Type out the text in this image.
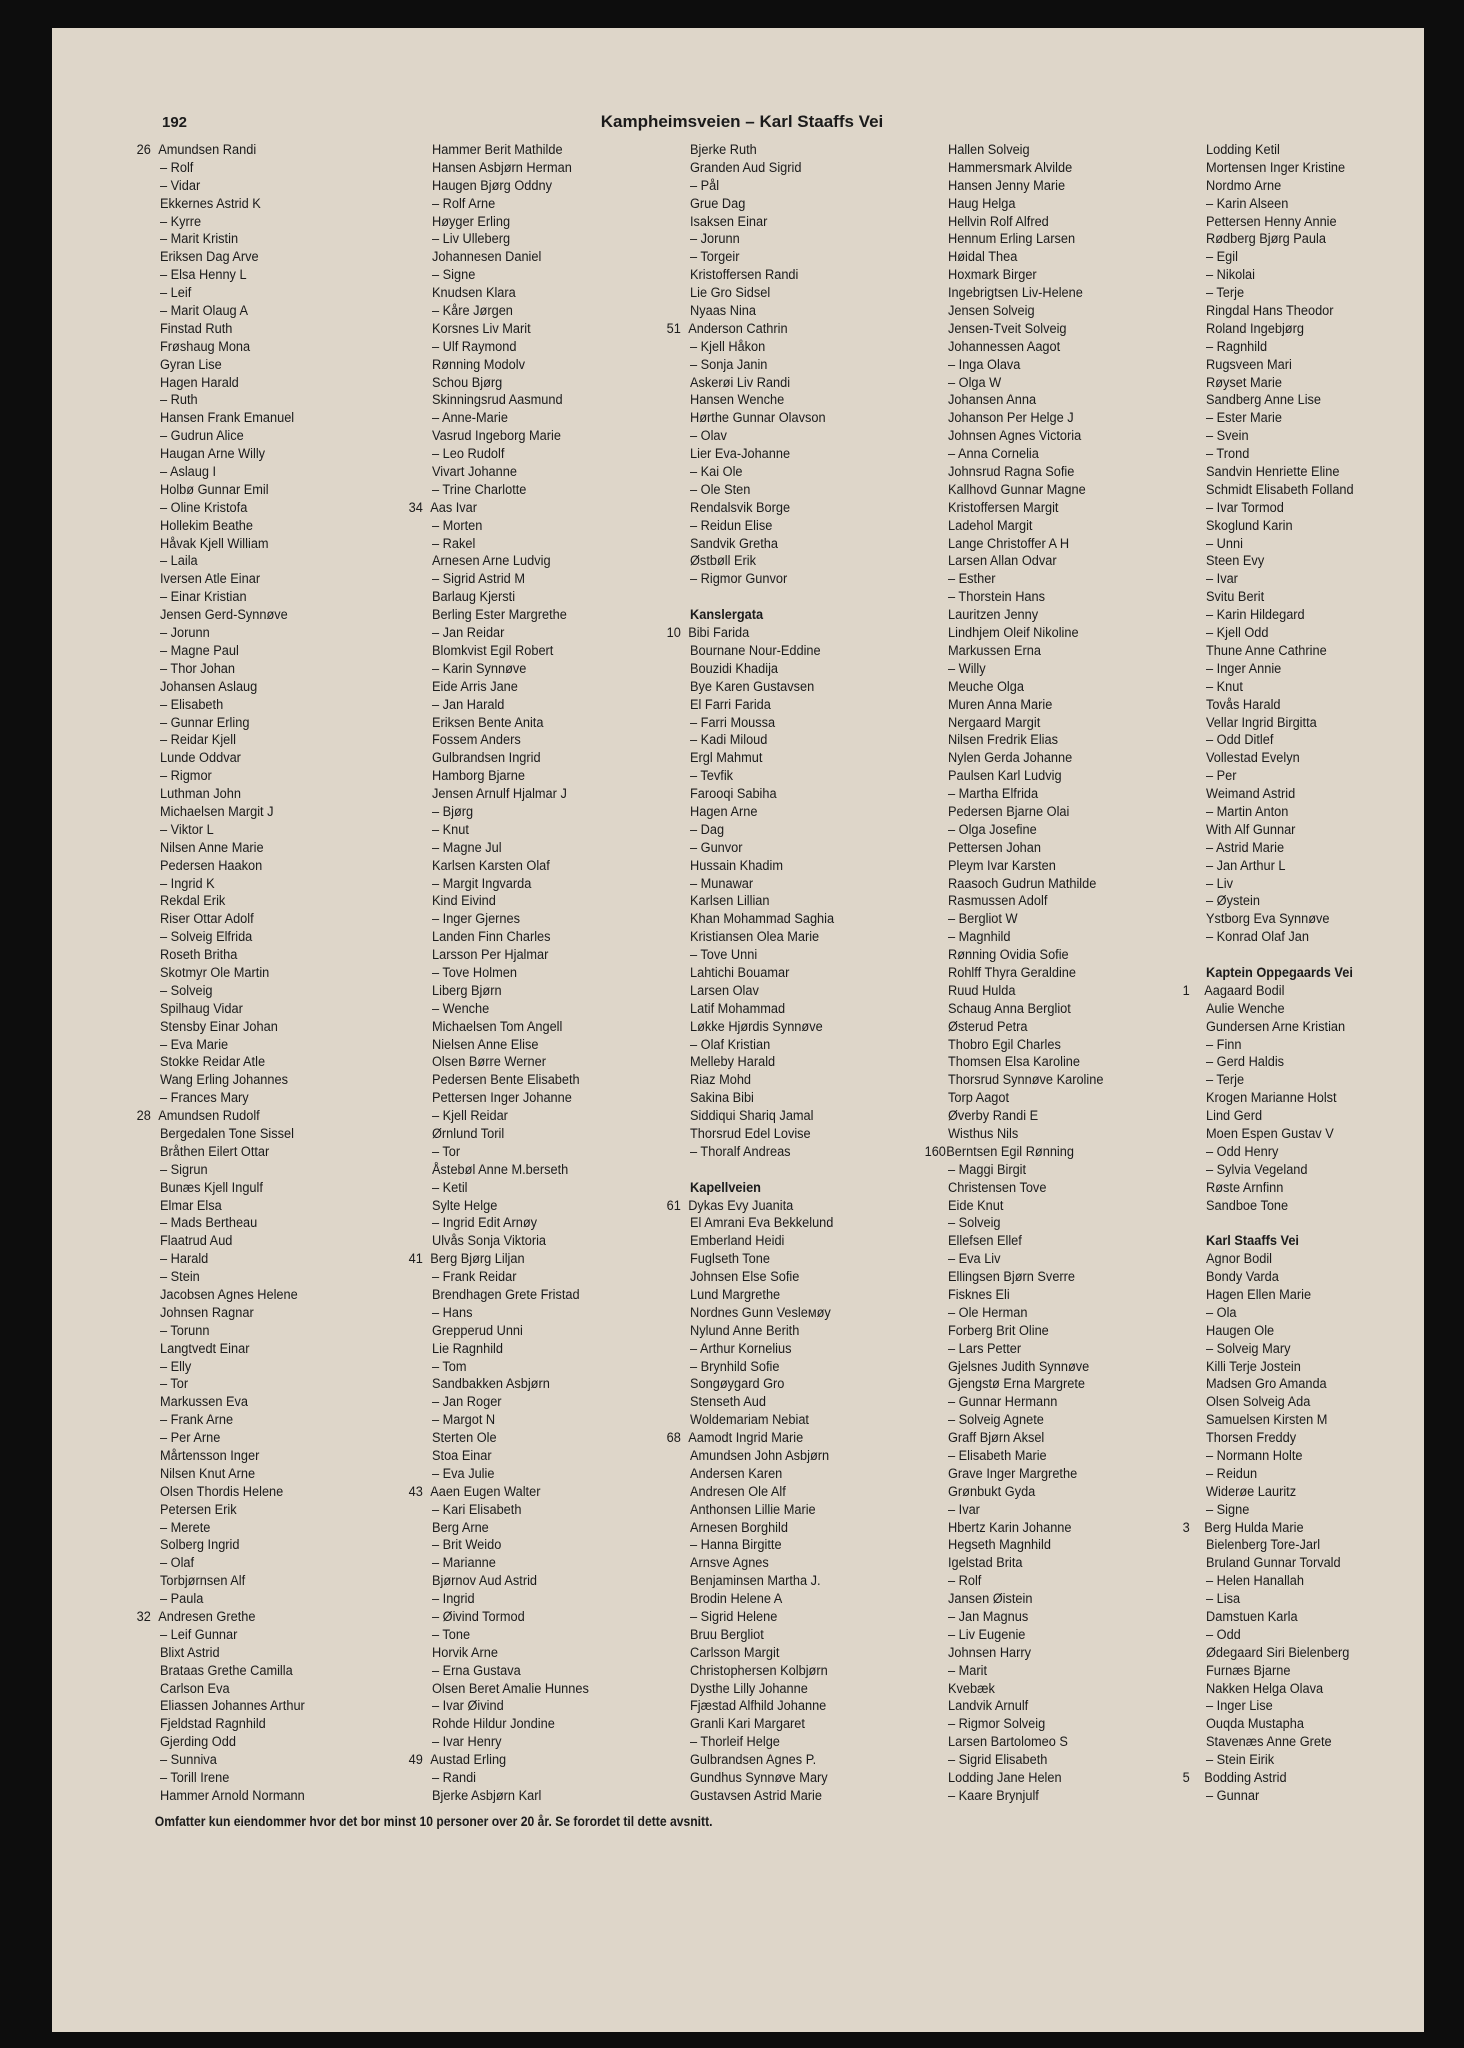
192	Kampheimsveien – Karl Staaffs Vei
26 Amundsen Randi
– Rolf
– Vidar
Ekkernes Astrid K
– Kyrre
– Marit Kristin
Eriksen Dag Arve
– Elsa Henny L
– Leif
– Marit Olaug A
Finstad Ruth
Frøshaug Mona
Gyran Lise
Hagen Harald
– Ruth
Hansen Frank Emanuel
– Gudrun Alice
Haugan Arne Willy
– Aslaug I
Holbø Gunnar Emil
– Oline Kristofa
Hollekim Beathe
Håvak Kjell William
– Laila
Iversen Atle Einar
– Einar Kristian
Jensen Gerd-Synnøve
– Jorunn
– Magne Paul
– Thor Johan
Johansen Aslaug
– Elisabeth
– Gunnar Erling
– Reidar Kjell
Lunde Oddvar
– Rigmor
Luthman John
Michaelsen Margit J
– Viktor L
Nilsen Anne Marie
Pedersen Haakon
– Ingrid K
Rekdal Erik
Riser Ottar Adolf
– Solveig Elfrida
Roseth Britha
Skotmyr Ole Martin
– Solveig
Spilhaug Vidar
Stensby Einar Johan
– Eva Marie
Stokke Reidar Atle
Wang Erling Johannes
– Frances Mary
28 Amundsen Rudolf
Bergedalen Tone Sissel
Bråthen Eilert Ottar
– Sigrun
Bunæs Kjell Ingulf
Elmar Elsa
– Mads Bertheau
Flaatrud Aud
– Harald
– Stein
Jacobsen Agnes Helene
Johnsen Ragnar
– Torunn
Langtvedt Einar
– Elly
– Tor
Markussen Eva
– Frank Arne
– Per Arne
Mårtensson Inger
Nilsen Knut Arne
Olsen Thordis Helene
Petersen Erik
– Merete
Solberg Ingrid
– Olaf
Torbjørnsen Alf
– Paula
32 Andresen Grethe
– Leif Gunnar
Blixt Astrid
Brataas Grethe Camilla
Carlson Eva
Eliassen Johannes Arthur
Fjeldstad Ragnhild
Gjerding Odd
– Sunniva
– Torill Irene
Hammer Arnold Normann
Hammer Berit Mathilde
Hansen Asbjørn Herman
Haugen Bjørg Oddny
– Rolf Arne
Høyger Erling
– Liv Ulleberg
Johannesen Daniel
– Signe
Knudsen Klara
– Kåre Jørgen
Korsnes Liv Marit
– Ulf Raymond
Rønning Modolv
Schou Bjørg
Skinningsrud Aasmund
– Anne-Marie
Vasrud Ingeborg Marie
– Leo Rudolf
Vivart Johanne
– Trine Charlotte
34 Aas Ivar
– Morten
– Rakel
Arnesen Arne Ludvig
– Sigrid Astrid M
Barlaug Kjersti
Berling Ester Margrethe
– Jan Reidar
Blomkvist Egil Robert
– Karin Synnøve
Eide Arris Jane
– Jan Harald
Eriksen Bente Anita
Fossem Anders
Gulbrandsen Ingrid
Hamborg Bjarne
Jensen Arnulf Hjalmar J
– Bjørg
– Knut
– Magne Jul
Karlsen Karsten Olaf
– Margit Ingvarda
Kind Eivind
– Inger Gjernes
Landen Finn Charles
Larsson Per Hjalmar
– Tove Holmen
Liberg Bjørn
– Wenche
Michaelsen Tom Angell
Nielsen Anne Elise
Olsen Børre Werner
Pedersen Bente Elisabeth
Pettersen Inger Johanne
– Kjell Reidar
Ørnlund Toril
– Tor
Åstebøl Anne M.berseth
– Ketil
Sylte Helge
– Ingrid Edit Arnøy
Ulvås Sonja Viktoria
41 Berg Bjørg Liljan
– Frank Reidar
Brendhagen Grete Fristad
– Hans
Grepperud Unni
Lie Ragnhild
– Tom
Sandbakken Asbjørn
– Jan Roger
– Margot N
Sterten Ole
Stoa Einar
– Eva Julie
43 Aaen Eugen Walter
– Kari Elisabeth
Berg Arne
– Brit Weido
– Marianne
Bjørnov Aud Astrid
– Ingrid
– Øivind Tormod
– Tone
Horvik Arne
– Erna Gustava
Olsen Beret Amalie Hunnes
– Ivar Øivind
Rohde Hildur Jondine
– Ivar Henry
49 Austad Erling
– Randi
Bjerke Asbjørn Karl
Bjerke Ruth
Granden Aud Sigrid
– Pål
Grue Dag
Isaksen Einar
– Jorunn
– Torgeir
Kristoffersen Randi
Lie Gro Sidsel
Nyaas Nina
51 Anderson Cathrin
– Kjell Håkon
– Sonja Janin
Askerøi Liv Randi
Hansen Wenche
Hørthe Gunnar Olavson
– Olav
Lier Eva-Johanne
– Kai Ole
– Ole Sten
Rendalsvik Borge
– Reidun Elise
Sandvik Gretha
Østbøll Erik
– Rigmor Gunvor
Kanslergata
10 Bibi Farida
Bournane Nour-Eddine
Bouzidi Khadija
Bye Karen Gustavsen
El Farri Farida
– Farri Moussa
– Kadi Miloud
Ergl Mahmut
– Tevfik
Farooqi Sabiha
Hagen Arne
– Dag
– Gunvor
Hussain Khadim
– Munawar
Karlsen Lillian
Khan Mohammad Saghia
Kristiansen Olea Marie
– Tove Unni
Lahtichi Bouamar
Larsen Olav
Latif Mohammad
Løkke Hjørdis Synnøve
– Olaf Kristian
Melleby Harald
Riaz Mohd
Sakina Bibi
Siddiqui Shariq Jamal
Thorsrud Edel Lovise
– Thoralf Andreas
Kapellveien
61 Dykas Evy Juanita
El Amrani Eva Bekkelund
Emberland Heidi
Fuglseth Tone
Johnsen Else Sofie
Lund Margrethe
Nordnes Gunn Vesleмøy
Nylund Anne Berith
– Arthur Kornelius
– Brynhild Sofie
Songøygard Gro
Stenseth Aud
Woldemariam Nebiat
68 Aamodt Ingrid Marie
Amundsen John Asbjørn
Andersen Karen
Andresen Ole Alf
Anthonsen Lillie Marie
Arnesen Borghild
– Hanna Birgitte
Arnsve Agnes
Benjaminsen Martha J.
Brodin Helene A
– Sigrid Helene
Bruu Bergliot
Carlsson Margit
Christophersen Kolbjørn
Dysthe Lilly Johanne
Fjæstad Alfhild Johanne
Granli Kari Margaret
– Thorleif Helge
Gulbrandsen Agnes P.
Gundhus Synnøve Mary
Gustavsen Astrid Marie
Hallen Solveig
Hammersmark Alvilde
Hansen Jenny Marie
Haug Helga
Hellvin Rolf Alfred
Hennum Erling Larsen
Høidal Thea
Hoxmark Birger
Ingebrigtsen Liv-Helene
Jensen Solveig
Jensen-Tveit Solveig
Johannessen Aagot
– Inga Olava
– Olga W
Johansen Anna
Johanson Per Helge J
Johnsen Agnes Victoria
– Anna Cornelia
Johnsrud Ragna Sofie
Kallhovd Gunnar Magne
Kristoffersen Margit
Ladehol Margit
Lange Christoffer A H
Larsen Allan Odvar
– Esther
– Thorstein Hans
Lauritzen Jenny
Lindhjem Oleif Nikoline
Markussen Erna
– Willy
Meuche Olga
Muren Anna Marie
Nergaard Margit
Nilsen Fredrik Elias
Nylen Gerda Johanne
Paulsen Karl Ludvig
– Martha Elfrida
Pedersen Bjarne Olai
– Olga Josefine
Pettersen Johan
Pleym Ivar Karsten
Raasoch Gudrun Mathilde
Rasmussen Adolf
– Bergliot W
– Magnhild
Rønning Ovidia Sofie
Rohlff Thyra Geraldine
Ruud Hulda
Schaug Anna Bergliot
Østerud Petra
Thobro Egil Charles
Thomsen Elsa Karoline
Thorsrud Synnøve Karoline
Torp Aagot
Øverby Randi E
Wisthus Nils
160Berntsen Egil Rønning
– Maggi Birgit
Christensen Tove
Eide Knut
– Solveig
Ellefsen Ellef
– Eva Liv
Ellingsen Bjørn Sverre
Fiskneѕ Eli
– Ole Herman
Forberg Brit Oline
– Lars Petter
Gjelsnes Judith Synnøve
Gjengstø Erna Margrete
– Gunnar Hermann
– Solveig Agnete
Graff Bjørn Aksel
– Elisabeth Marie
Grave Inger Margrethe
Grønbukt Gyda
– Ivar
Hbertz Karin Johanne
Hegseth Magnhild
Igelstad Brita
– Rolf
Jansen Øistein
– Jan Magnus
– Liv Eugenie
Johnsen Harry
– Marit
Kvebæk
Landvik Arnulf
– Rigmor Solveig
Larsen Bartolomeo S
– Sigrid Elisabeth
Lodding Jane Helen
– Kaare Brynjulf
Lodding Ketil
Mortensen Inger Kristine
Nordmo Arne
– Karin Alseen
Pettersen Henny Annie
Rødberg Bjørg Paula
– Egil
– Nikolai
– Terje
Ringdal Hans Theodor
Roland Ingebjørg
– Ragnhild
Rugsveen Mari
Røyset Marie
Sandberg Anne Lise
– Ester Marie
– Svein
– Trond
Sandvin Henriette Eline
Schmidt Elisabeth Folland
– Ivar Tormod
Skoglund Karin
– Unni
Steen Evy
– Ivar
Svitu Berit
– Karin Hildegard
– Kjell Odd
Thune Anne Cathrine
– Inger Annie
– Knut
Tovås Harald
Vellar Ingrid Birgitta
– Odd Ditlef
Vollestad Evelyn
– Per
Weimand Astrid
– Martin Anton
With Alf Gunnar
– Astrid Marie
– Jan Arthur L
– Liv
– Øystein
Ystborg Eva Synnøve
– Konrad Olaf Jan
Kaptein Oppegaards Vei
1 Aagaard Bodil
Aulie Wenche
Gundersen Arne Kristian
– Finn
– Gerd Haldis
– Terje
Krogen Marianne Holst
Lind Gerd
Moen Espen Gustav V
– Odd Henry
– Sylvia Vegeland
Røste Arnfinn
Sandboe Tone
Karl Staaffs Vei
Agnor Bodil
Bondy Varda
Hagen Ellen Marie
– Ola
Haugen Ole
– Solveig Mary
Killi Terje Jostein
Madsen Gro Amanda
Olsen Solveig Ada
Samuelsen Kirsten M
Thorsen Freddy
– Normann Holte
– Reidun
Widerøe Lauritz
– Signe
3 Berg Hulda Marie
Bielenberg Tore-Jarl
Bruland Gunnar Torvald
– Helen Hanallah
– Lisa
Damstuen Karla
– Odd
Ødegaard Siri Bielenberg
Furnæs Bjarne
Nakken Helga Olava
– Inger Lise
Ouqda Mustapha
Stavenæs Anne Grete
– Stein Eirik
5 Bodding Astrid
– Gunnar
Omfatter kun eiendommer hvor det bor minst 10 personer over 20 år. Se forordet til dette avsnitt.
